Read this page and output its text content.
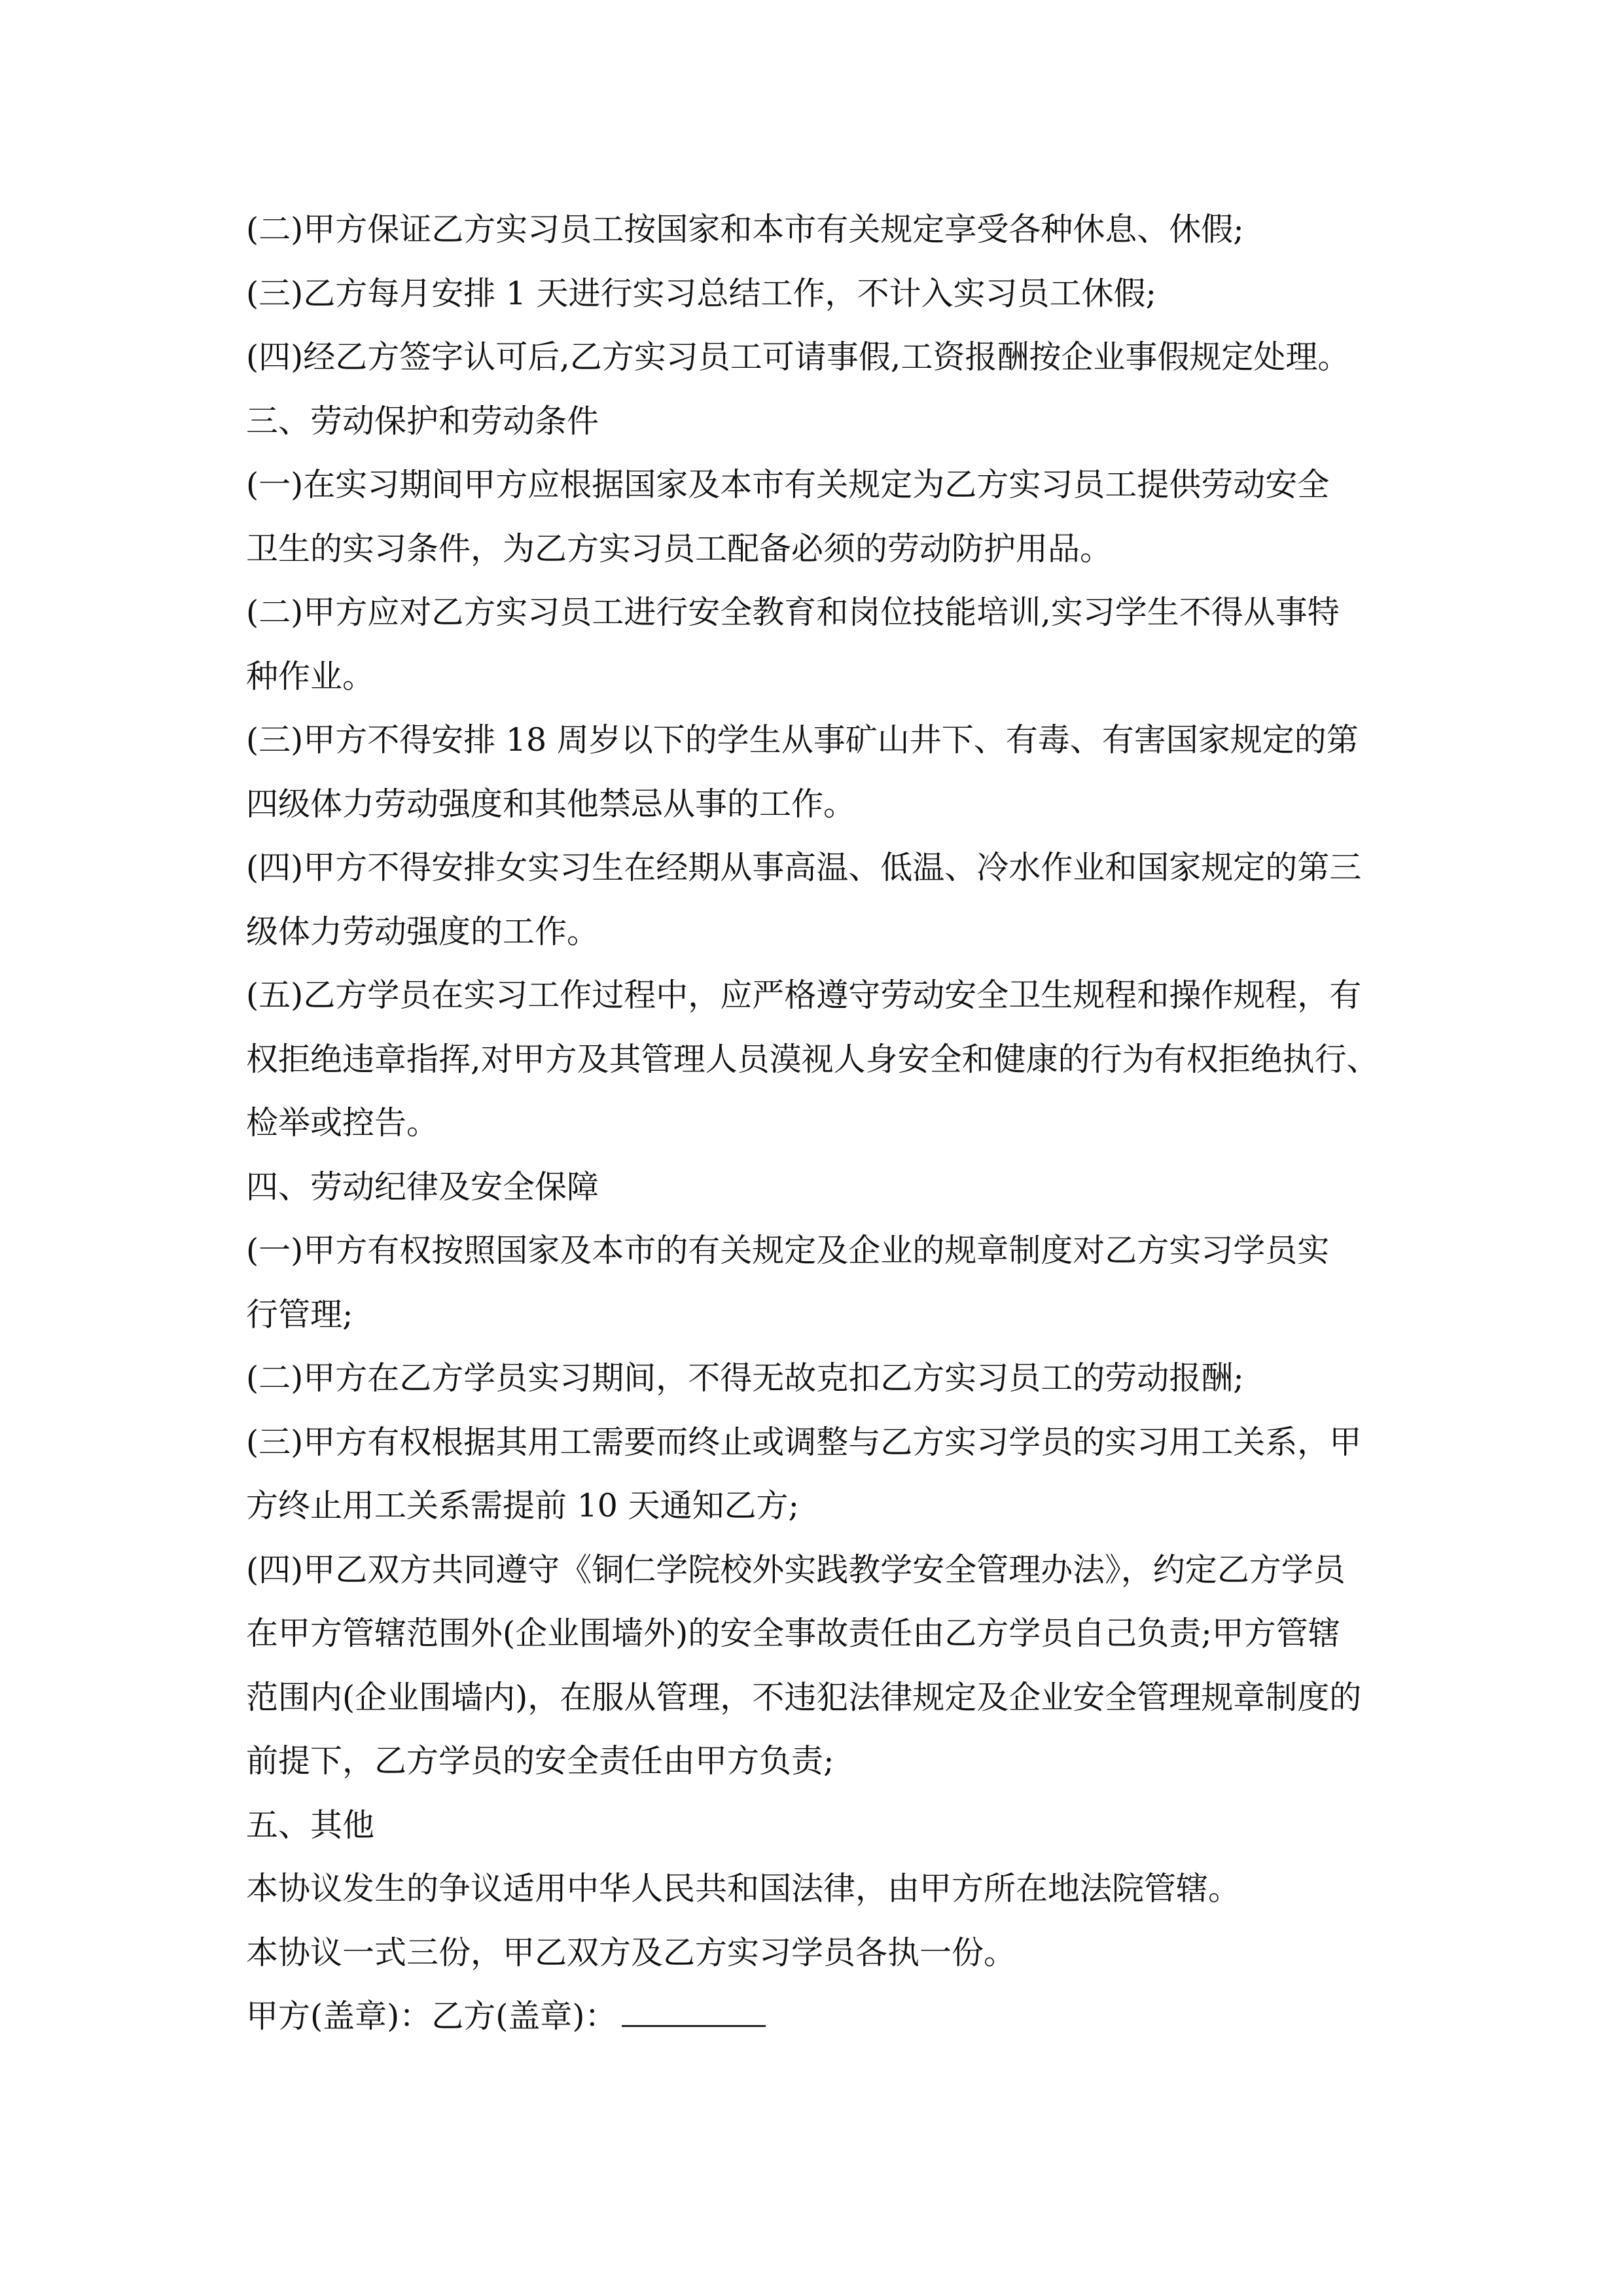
(二)甲方保证乙方实习员工按国家和本市有关规定享受各种休息、休假;
(三)乙方每月安排 1 天进行实习总结工作，不计入实习员工休假;
(四)经乙方签字认可后,乙方实习员工可请事假,工资报酬按企业事假规定处理。
三、劳动保护和劳动条件
(一)在实习期间甲方应根据国家及本市有关规定为乙方实习员工提供劳动安全
卫生的实习条件，为乙方实习员工配备必须的劳动防护用品。
(二)甲方应对乙方实习员工进行安全教育和岗位技能培训,实习学生不得从事特
种作业。
(三)甲方不得安排 18 周岁以下的学生从事矿山井下、有毒、有害国家规定的第
四级体力劳动强度和其他禁忌从事的工作。
(四)甲方不得安排女实习生在经期从事高温、低温、冷水作业和国家规定的第三
级体力劳动强度的工作。
(五)乙方学员在实习工作过程中，应严格遵守劳动安全卫生规程和操作规程，有
权拒绝违章指挥,对甲方及其管理人员漠视人身安全和健康的行为有权拒绝执行、
检举或控告。
四、劳动纪律及安全保障
(一)甲方有权按照国家及本市的有关规定及企业的规章制度对乙方实习学员实
行管理;
(二)甲方在乙方学员实习期间，不得无故克扣乙方实习员工的劳动报酬;
(三)甲方有权根据其用工需要而终止或调整与乙方实习学员的实习用工关系，甲
方终止用工关系需提前 10 天通知乙方;
(四)甲乙双方共同遵守《铜仁学院校外实践教学安全管理办法》，约定乙方学员
在甲方管辖范围外(企业围墙外)的安全事故责任由乙方学员自己负责;甲方管辖
范围内(企业围墙内)，在服从管理，不违犯法律规定及企业安全管理规章制度的
前提下，乙方学员的安全责任由甲方负责;
五、其他
本协议发生的争议适用中华人民共和国法律，由甲方所在地法院管辖。
本协议一式三份，甲乙双方及乙方实习学员各执一份。
甲方(盖章)：乙方(盖章)：
